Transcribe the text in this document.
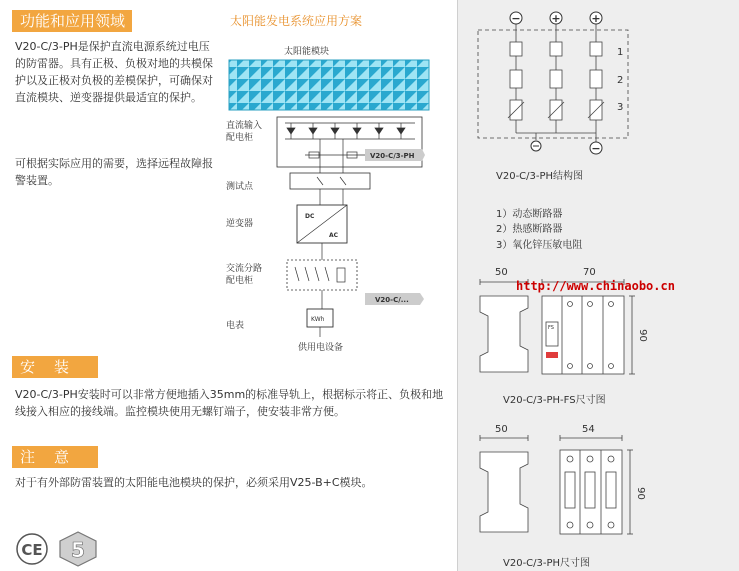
功能和应用领域
V20-C/3-PH是保护直流电源系统过电压的防雷器。具有正极、负极对地的共模保护以及正极对负极的差模保护，可确保对直流模块、逆变器提供最适宜的保护。
可根据实际应用的需要，选择远程故障报警装置。
安　装
V20-C/3-PH安装时可以非常方便地插入35mm的标准导轨上，根据标示将正、负极和地线接入相应的接线端。监控模块使用无螺钉端子，使安装非常方便。
注　意
对于有外部防雷装置的太阳能电池模块的保护，必须采用V25-B+C模块。
CE 5
太阳能发电系统应用方案
太阳能模块
V20-C/3-PH
DC
AC
V20-C/...
KWh
直流输入
配电柜
测试点
逆变器
交流分路
配电柜
电表
供用电设备
−	+	+
−
1
2
3
V20-C/3-PH结构图
1）动态断路器
2）热感断路器
3）氧化锌压敏电阻
FS
50	70
90
http://www.chinaobo.cn
V20-C/3-PH-FS尺寸图
50	54
90
V20-C/3-PH尺寸图
